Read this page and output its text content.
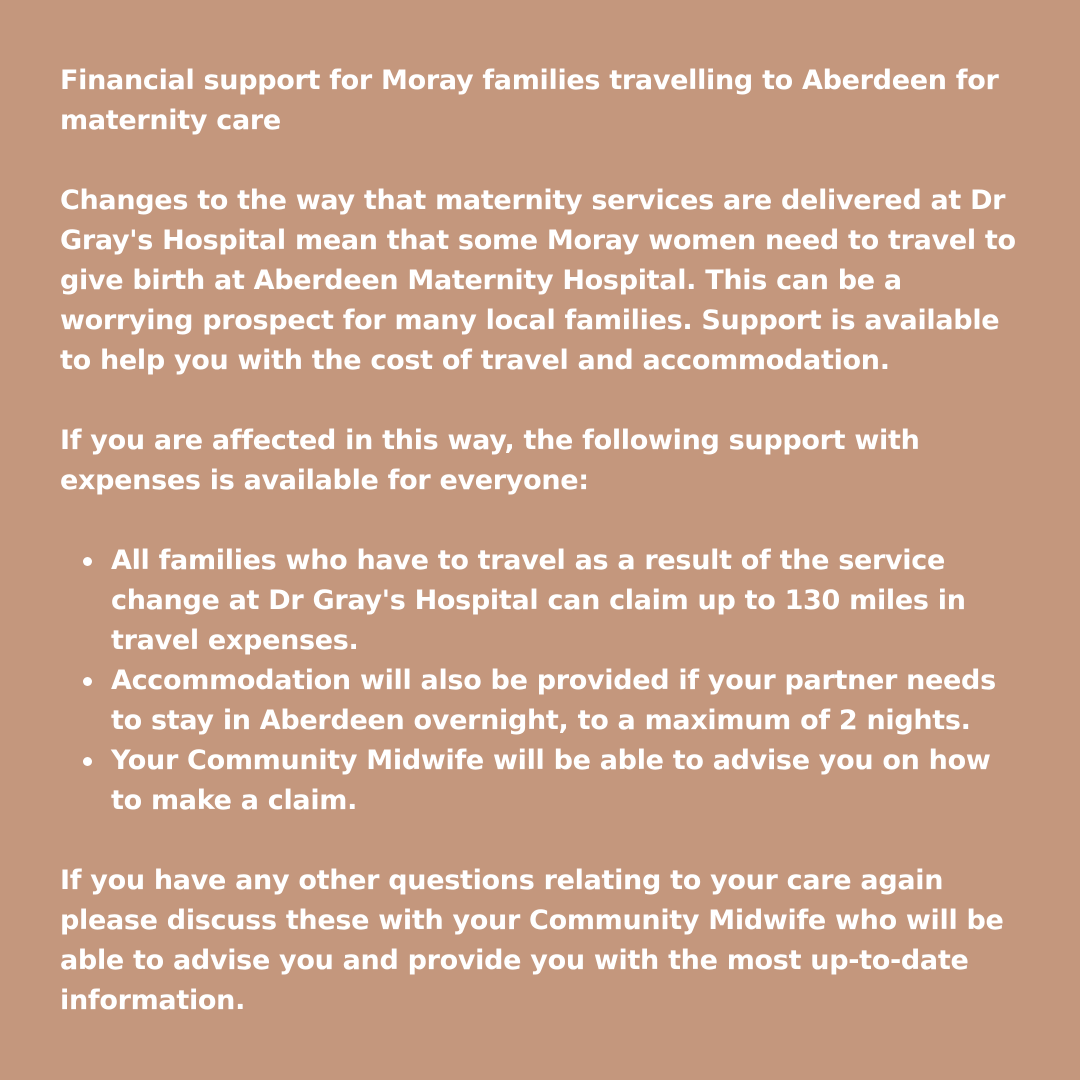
Financial support for Moray families travelling to Aberdeen for maternity care

Changes to the way that maternity services are delivered at Dr Gray's Hospital mean that some Moray women need to travel to give birth at Aberdeen Maternity Hospital. This can be a worrying prospect for many local families. Support is available to help you with the cost of travel and accommodation.

If you are affected in this way, the following support with expenses is available for everyone:

All families who have to travel as a result of the service change at Dr Gray's Hospital can claim up to 130 miles in travel expenses.
Accommodation will also be provided if your partner needs to stay in Aberdeen overnight, to a maximum of 2 nights.
Your Community Midwife will be able to advise you on how to make a claim.

If you have any other questions relating to your care again please discuss these with your Community Midwife who will be able to advise you and provide you with the most up-to-date information.
